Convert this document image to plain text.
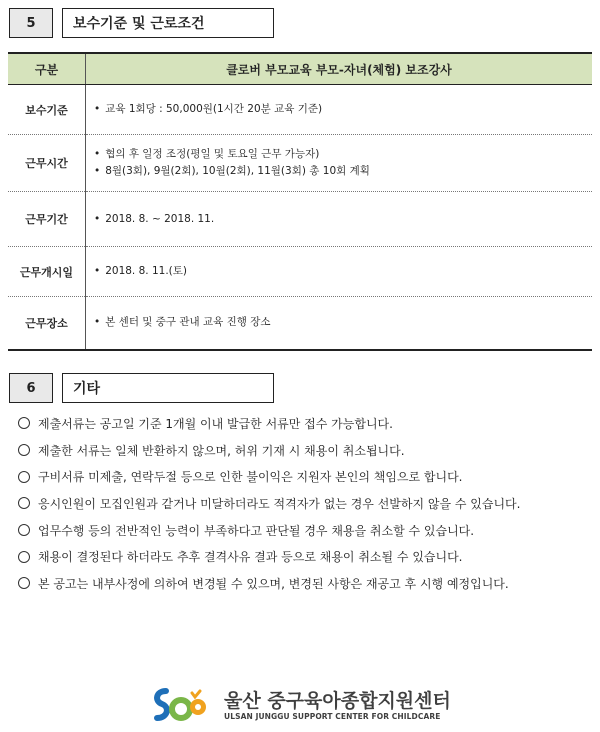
5	보수기준 및 근로조건
구분	클로버 부모교육 부모-자녀(체험) 보조강사
보수기준	• 교육 1회당 : 50,000원(1시간 20분 교육 기준)

근무시간	• 협의 후 일정 조정(평일 및 토요일 근무 가능자)
• 8월(3회), 9월(2회), 10월(2회), 11월(3회) 총 10회 계획

근무기간	• 2018. 8. ~ 2018. 11.

근무개시일	• 2018. 8. 11.(토)

근무장소	• 본 센터 및 중구 관내 교육 진행 장소
6	기타
제출서류는 공고일 기준 1개월 이내 발급한 서류만 접수 가능합니다.
제출한 서류는 일체 반환하지 않으며, 허위 기재 시 채용이 취소됩니다.
구비서류 미제출, 연락두절 등으로 인한 불이익은 지원자 본인의 책임으로 합니다.
응시인원이 모집인원과 같거나 미달하더라도 적격자가 없는 경우 선발하지 않을 수 있습니다.
업무수행 등의 전반적인 능력이 부족하다고 판단될 경우 채용을 취소할 수 있습니다.
채용이 결정된다 하더라도 추후 결격사유 결과 등으로 채용이 취소될 수 있습니다.
본 공고는 내부사정에 의하여 변경될 수 있으며, 변경된 사항은 재공고 후 시행 예정입니다.
울산 중구육아종합지원센터
ULSAN JUNGGU SUPPORT CENTER FOR CHILDCARE
